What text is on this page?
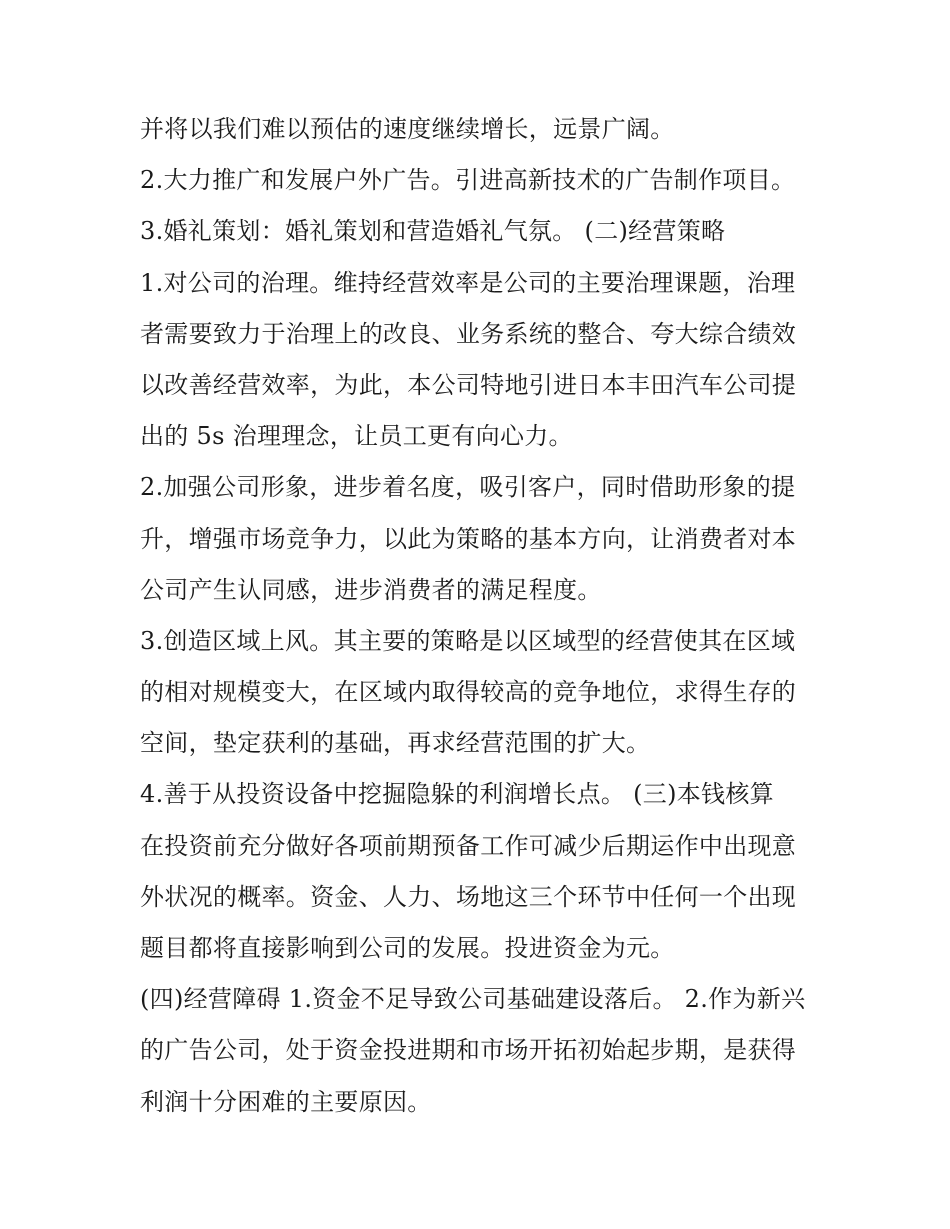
并将以我们难以预估的速度继续增长，远景广阔。
2.大力推广和发展户外广告。引进高新技术的广告制作项目。
3.婚礼策划：婚礼策划和营造婚礼气氛。 (二)经营策略
1.对公司的治理。维持经营效率是公司的主要治理课题，治理
者需要致力于治理上的改良、业务系统的整合、夸大综合绩效
以改善经营效率，为此，本公司特地引进日本丰田汽车公司提
出的 5s 治理理念，让员工更有向心力。
2.加强公司形象，进步着名度，吸引客户，同时借助形象的提
升，增强市场竞争力，以此为策略的基本方向，让消费者对本
公司产生认同感，进步消费者的满足程度。
3.创造区域上风。其主要的策略是以区域型的经营使其在区域
的相对规模变大，在区域内取得较高的竞争地位，求得生存的
空间，垫定获利的基础，再求经营范围的扩大。
4.善于从投资设备中挖掘隐躲的利润增长点。 (三)本钱核算
在投资前充分做好各项前期预备工作可减少后期运作中出现意
外状况的概率。资金、人力、场地这三个环节中任何一个出现
题目都将直接影响到公司的发展。投进资金为元。
(四)经营障碍 1.资金不足导致公司基础建设落后。 2.作为新兴
的广告公司，处于资金投进期和市场开拓初始起步期，是获得
利润十分困难的主要原因。
